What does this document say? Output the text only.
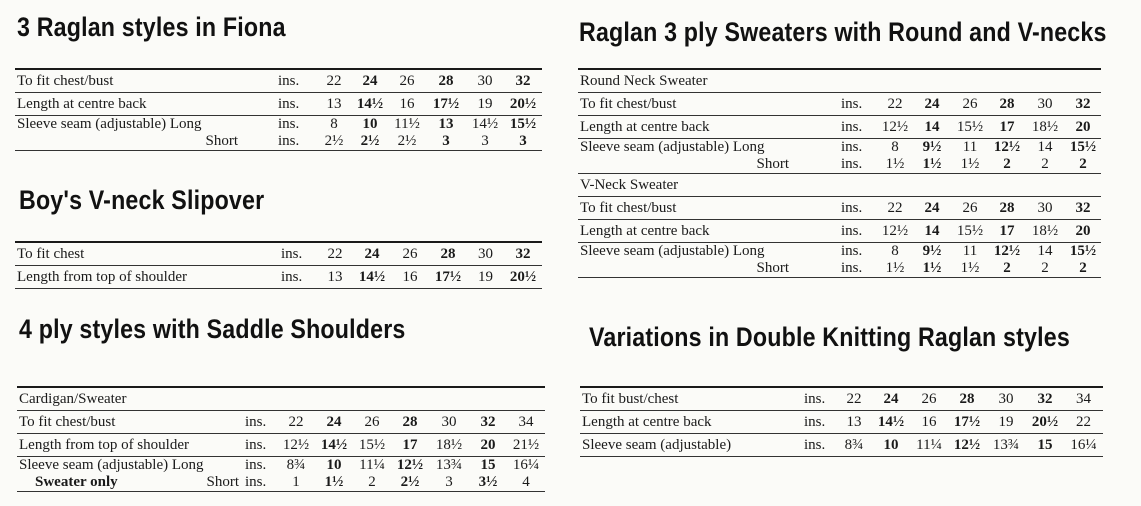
3 Raglan styles in Fiona
To fit chest/bust	ins.	22	24	26	28	30	32
Length at centre back	ins.	13	14½	16	17½	19	20½
Sleeve seam (adjustable) Long	ins.	8	10	11½	13	14½	15½
Short	ins.	2½	2½	2½	3	3	3
Boy's V-neck Slipover
To fit chest	ins.	22	24	26	28	30	32
Length from top of shoulder	ins.	13	14½	16	17½	19	20½
4 ply styles with Saddle Shoulders
Cardigan/Sweater								
To fit chest/bust	ins.	22	24	26	28	30	32	34
Length from top of shoulder	ins.	12½	14½	15½	17	18½	20	21½
Sleeve seam (adjustable) Long	ins.	8¾	10	11¼	12½	13¾	15	16¼
Sweater only Short	ins.	1	1½	2	2½	3	3½	4
Raglan 3 ply Sweaters with Round and V-necks
Round Neck Sweater							
To fit chest/bust	ins.	22	24	26	28	30	32
Length at centre back	ins.	12½	14	15½	17	18½	20
Sleeve seam (adjustable) Long	ins.	8	9½	11	12½	14	15½
Short	ins.	1½	1½	1½	2	2	2
V-Neck Sweater							
To fit chest/bust	ins.	22	24	26	28	30	32
Length at centre back	ins.	12½	14	15½	17	18½	20
Sleeve seam (adjustable) Long	ins.	8	9½	11	12½	14	15½
Short	ins.	1½	1½	1½	2	2	2
Variations in Double Knitting Raglan styles
To fit bust/chest	ins.	22	24	26	28	30	32	34
Length at centre back	ins.	13	14½	16	17½	19	20½	22
Sleeve seam (adjustable)	ins.	8¾	10	11¼	12½	13¾	15	16¼
